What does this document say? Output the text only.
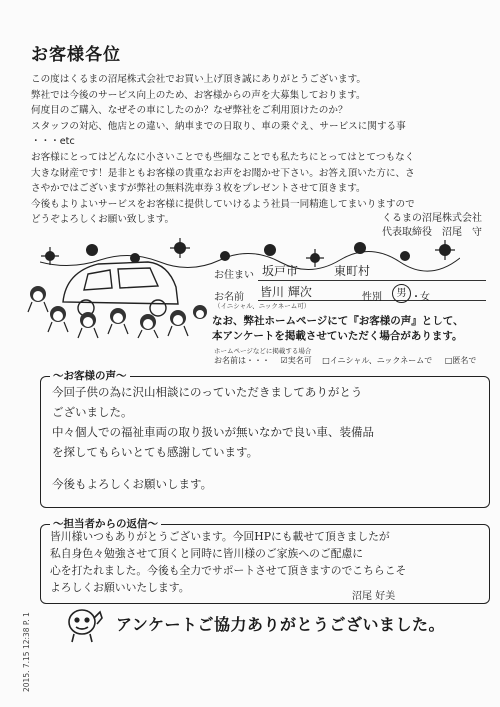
お客様各位
この度はくるまの沼尾株式会社でお買い上げ頂き誠にありがとうございます。
弊社では今後のサービス向上のため、お客様からの声を大募集しております。
何度目のご購入、なぜその車にしたのか？なぜ弊社をご利用頂けたのか？
スタッフの対応、他店との違い、納車までの日取り、車の乗ぐえ、サービスに関する事
・・・etc
お客様にとってはどんなに小さいことでも些細なことでも私たちにとってはとてつもなく
大きな財産です！是非ともお客様の貴重なお声をお聞かせ下さい。お答え頂いた方に、さ
さやかではございますが弊社の無料洗車券３枚をプレゼントさせて頂きます。
今後もよりよいサービスをお客様に提供していけるよう社員一同精進してまいりますので
どうぞよろしくお願い致します。	くるまの沼尾株式会社
代表取締役　沼尾　守
お住まい 坂戸市　　　東町村
お名前 皆川 輝次
（イニシャル、ニックネーム可）
性別	男 ・ 女
なお、弊社ホームページにて『お客様の声』として、
本アンケートを掲載させていただく場合があります。
ホームページなどに掲載する場合
お名前は・・・ ☑実名可 □イニシャル、ニックネームで □匿名で
～お客様の声～
今回子供の為に沢山相談にのっていただきましてありがとう
ございました。
中々個人での福祉車両の取り扱いが無いなかで良い車、装備品
を探してもらいとても感謝しています。
今後もよろしくお願いします。
～担当者からの返信～
皆川様いつもありがとうございます。今回HPにも載せて頂きましたが
私自身色々勉強させて頂くと同時に皆川様のご家族へのご配慮に
心を打たれました。今後も全力でサポートさせて頂きますのでこちらこそ
よろしくお願いいたします。
沼尾 好美
アンケートご協力ありがとうございました。
2015. 7.15 12:38 P. 1
